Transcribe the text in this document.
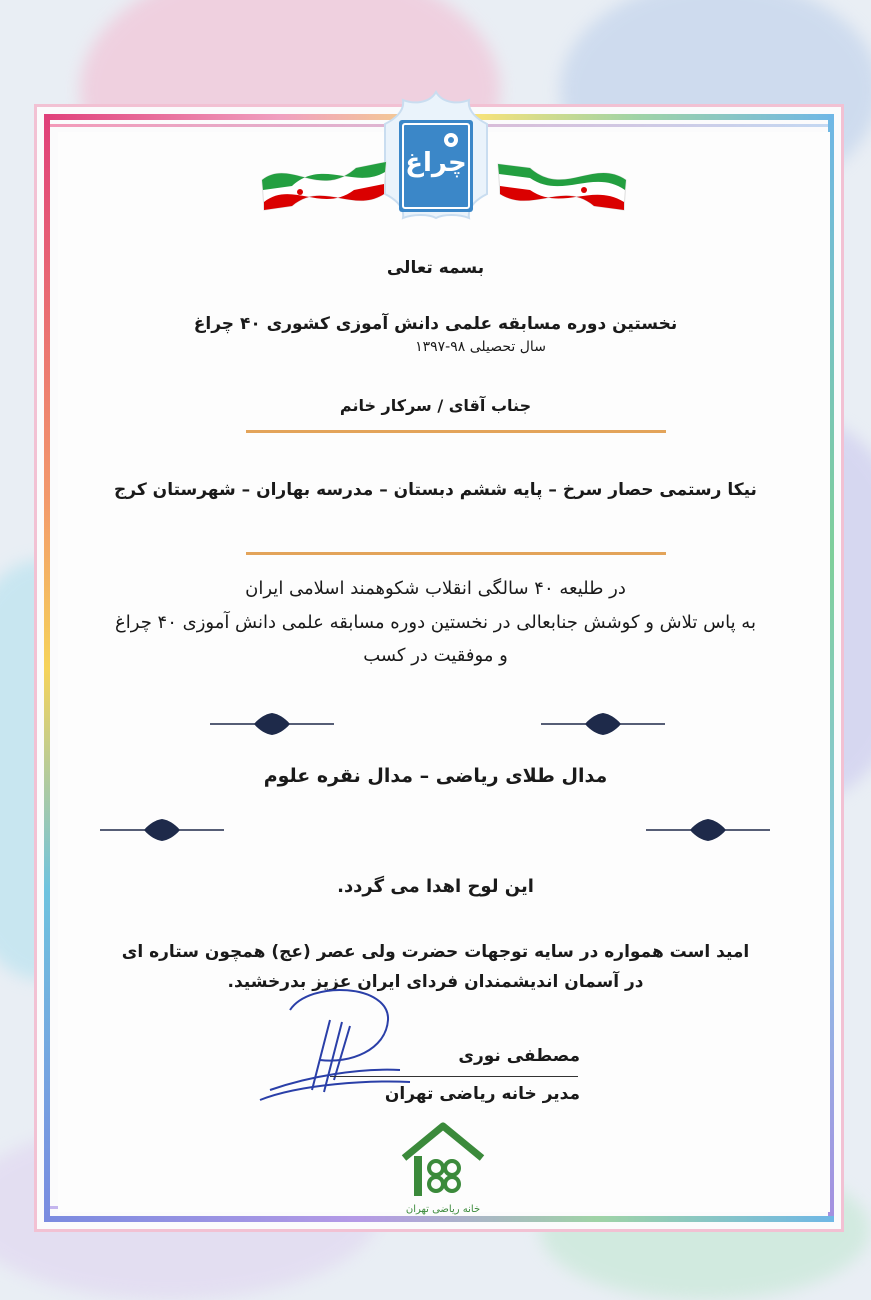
چراغ
بسمه تعالی
نخستین دوره مسابقه علمی دانش آموزی کشوری ۴۰ چراغ
سال تحصیلی ۹۸-۱۳۹۷
جناب آقای / سرکار خانم
نیکا رستمی حصار سرخ – پایه ششم دبستان – مدرسه بهاران – شهرستان کرج
در طلیعه ۴۰ سالگی انقلاب شکوهمند اسلامی ایران
به پاس تلاش و کوشش جنابعالی در نخستین دوره مسابقه علمی دانش آموزی ۴۰ چراغ
و موفقیت در کسب
مدال طلای ریاضی – مدال نقره علوم
این لوح اهدا می گردد.
امید است همواره در سایه توجهات حضرت ولی عصر (عج) همچون ستاره ای
در آسمان اندیشمندان فردای ایران عزیز بدرخشید.
مصطفی نوری
مدیر خانه ریاضی تهران
خانه ریاضی تهران
